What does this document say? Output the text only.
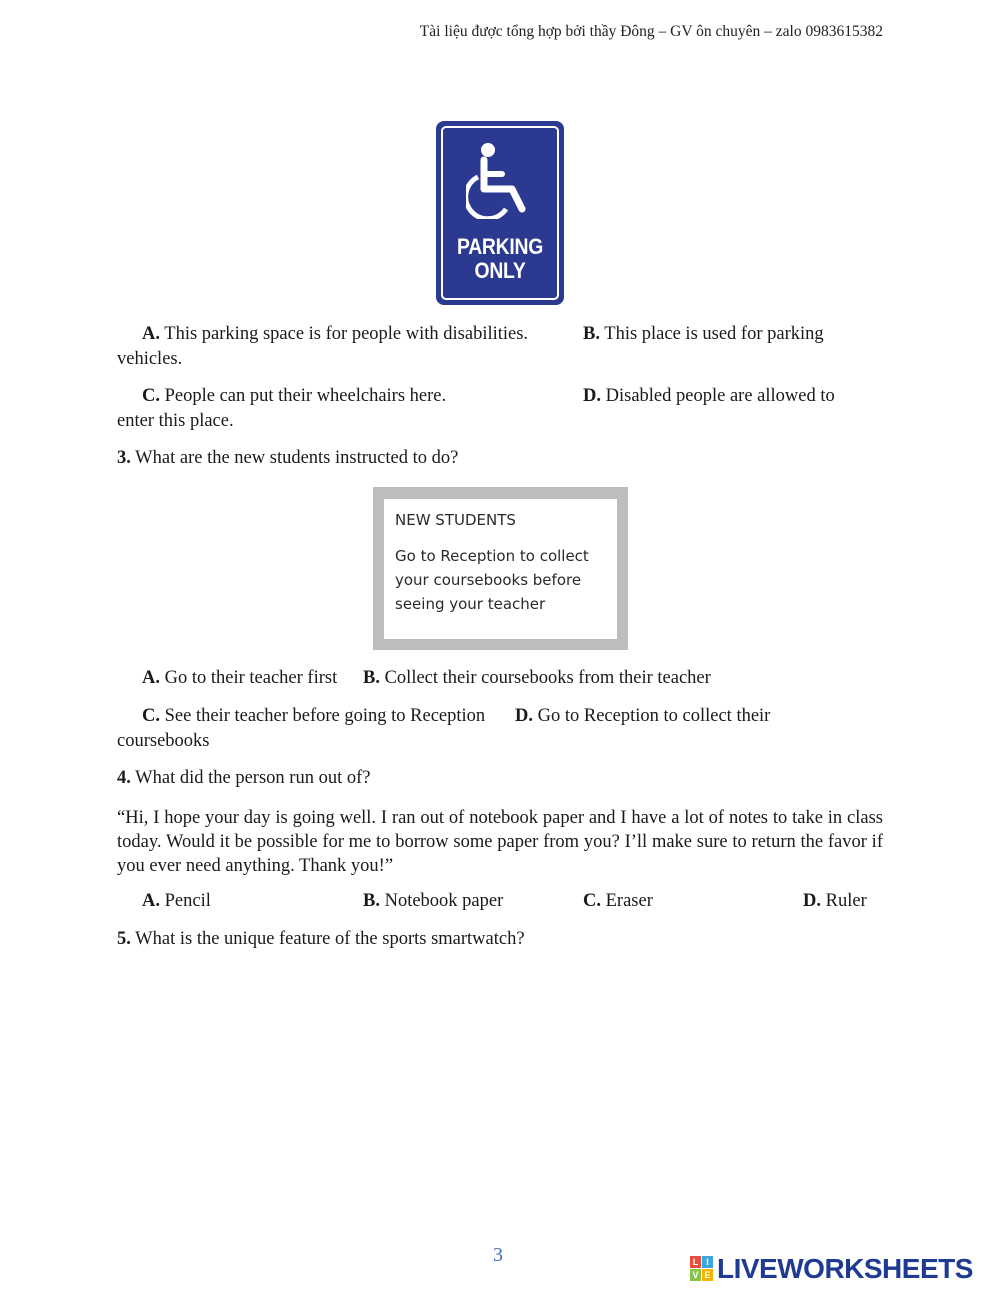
Tài liệu được tổng hợp bởi thầy Đông – GV ôn chuyên – zalo 0983615382
PARKING
ONLY
A. This parking space is for people with disabilities.	B. This place is used for parking
vehicles.
C. People can put their wheelchairs here.	D. Disabled people are allowed to
enter this place.
3. What are the new students instructed to do?
NEW STUDENTS
Go to Reception to collect your coursebooks before seeing your teacher
A. Go to their teacher first B. Collect their coursebooks from their teacher
C. See their teacher before going to Reception D. Go to Reception to collect their
coursebooks
4. What did the person run out of?
“Hi, I hope your day is going well. I ran out of notebook paper and I have a lot of notes to take in class today. Would it be possible for me to borrow some paper from you? I’ll make sure to return the favor if you ever need anything. Thank you!”
A. Pencil	B. Notebook paper	C. Eraser	D. Ruler
5. What is the unique feature of the sports smartwatch?
3	L I
V E LIVEWORKSHEETS
